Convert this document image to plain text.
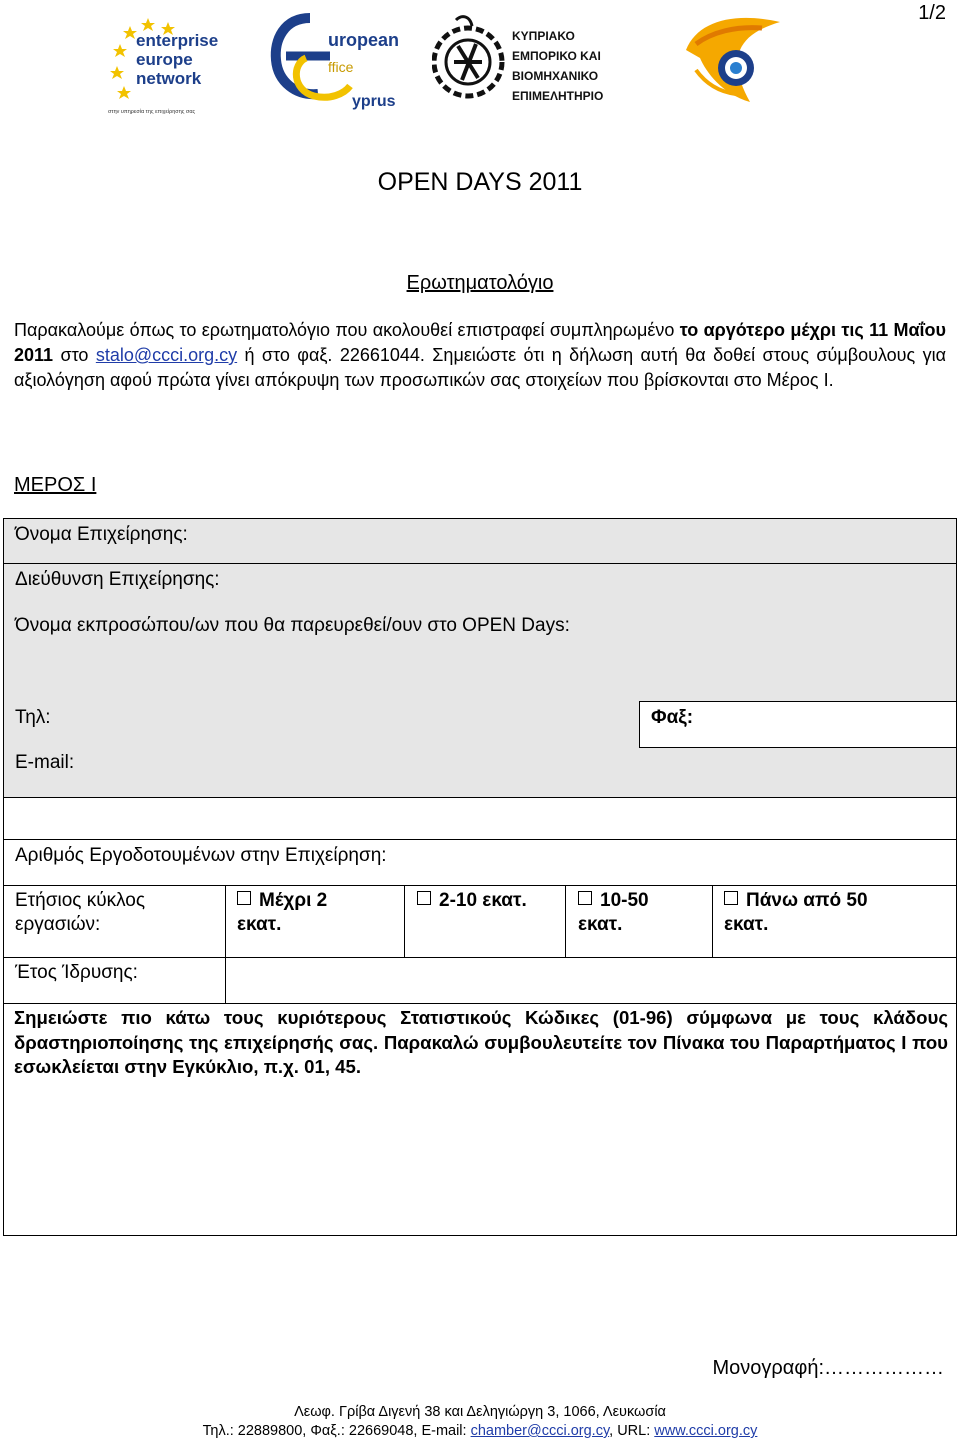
1/2
enterprise
europe
network
στην υπηρεσία της επιχείρησης σας
uropean
ffice
yprus
ΚΥΠΡΙΑΚΟ
ΕΜΠΟΡΙΚΟ ΚΑΙ
ΒΙΟΜΗΧΑΝΙΚΟ
ΕΠΙΜΕΛΗΤΗΡΙΟ
OPEN DAYS 2011
Ερωτηματολόγιο
Παρακαλούμε όπως το ερωτηματολόγιο που ακολουθεί επιστραφεί συμπληρωμένο το αργότερο μέχρι τις 11 Μαΐου 2011 στο stalo@ccci.org.cy ή στο φαξ. 22661044. Σημειώστε ότι η δήλωση αυτή θα δοθεί στους σύμβουλους για αξιολόγηση αφού πρώτα γίνει απόκρυψη των προσωπικών σας στοιχείων που βρίσκονται στο Μέρος Ι.
ΜΕΡΟΣ Ι
Όνομα Επιχείρησης:
Διεύθυνση Επιχείρησης:
Όνομα εκπροσώπου/ων που θα παρευρεθεί/ουν στο OPEN Days:
Τηλ:	Φαξ:
E-mail:
Αριθμός Εργοδοτουμένων στην Επιχείρηση:
Ετήσιος κύκλος εργασιών:
Μέχρι 2
εκατ.
2-10 εκατ.	10-50
εκατ.
Πάνω από 50
εκατ.
Έτος Ίδρυσης:
Σημειώστε πιο κάτω τους κυριότερους Στατιστικούς Κώδικες (01-96) σύμφωνα με τους κλάδους δραστηριοποίησης της επιχείρησής σας. Παρακαλώ συμβουλευτείτε τον Πίνακα του Παραρτήματος Ι που εσωκλείεται στην Εγκύκλιο, π.χ. 01, 45.
Μονογραφή:………………
Λεωφ. Γρίβα Διγενή 38 και Δεληγιώργη 3, 1066, Λευκωσία
Τηλ.: 22889800, Φαξ.: 22669048, E-mail: chamber@ccci.org.cy, URL: www.ccci.org.cy
